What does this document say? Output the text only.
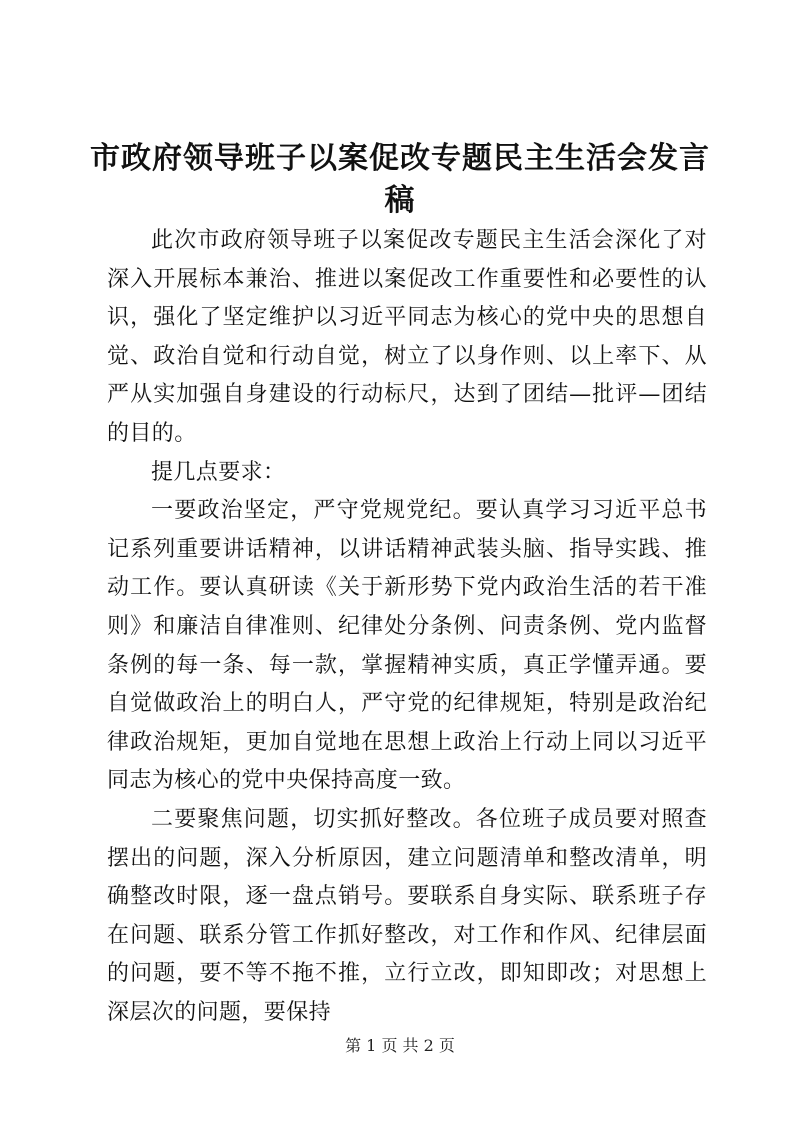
市政府领导班子以案促改专题民主生活会发言稿

此次市政府领导班子以案促改专题民主生活会深化了对深入开展标本兼治、推进以案促改工作重要性和必要性的认识，强化了坚定维护以习近平同志为核心的党中央的思想自觉、政治自觉和行动自觉，树立了以身作则、以上率下、从严从实加强自身建设的行动标尺，达到了团结—批评—团结的目的。

提几点要求：

一要政治坚定，严守党规党纪。要认真学习习近平总书记系列重要讲话精神，以讲话精神武装头脑、指导实践、推动工作。要认真研读《关于新形势下党内政治生活的若干准则》和廉洁自律准则、纪律处分条例、问责条例、党内监督条例的每一条、每一款，掌握精神实质，真正学懂弄通。要自觉做政治上的明白人，严守党的纪律规矩，特别是政治纪律政治规矩，更加自觉地在思想上政治上行动上同以习近平同志为核心的党中央保持高度一致。

二要聚焦问题，切实抓好整改。各位班子成员要对照查摆出的问题，深入分析原因，建立问题清单和整改清单，明确整改时限，逐一盘点销号。要联系自身实际、联系班子存在问题、联系分管工作抓好整改，对工作和作风、纪律层面的问题，要不等不拖不推，立行立改，即知即改；对思想上深层次的问题，要保持

第 1 页 共 2 页
